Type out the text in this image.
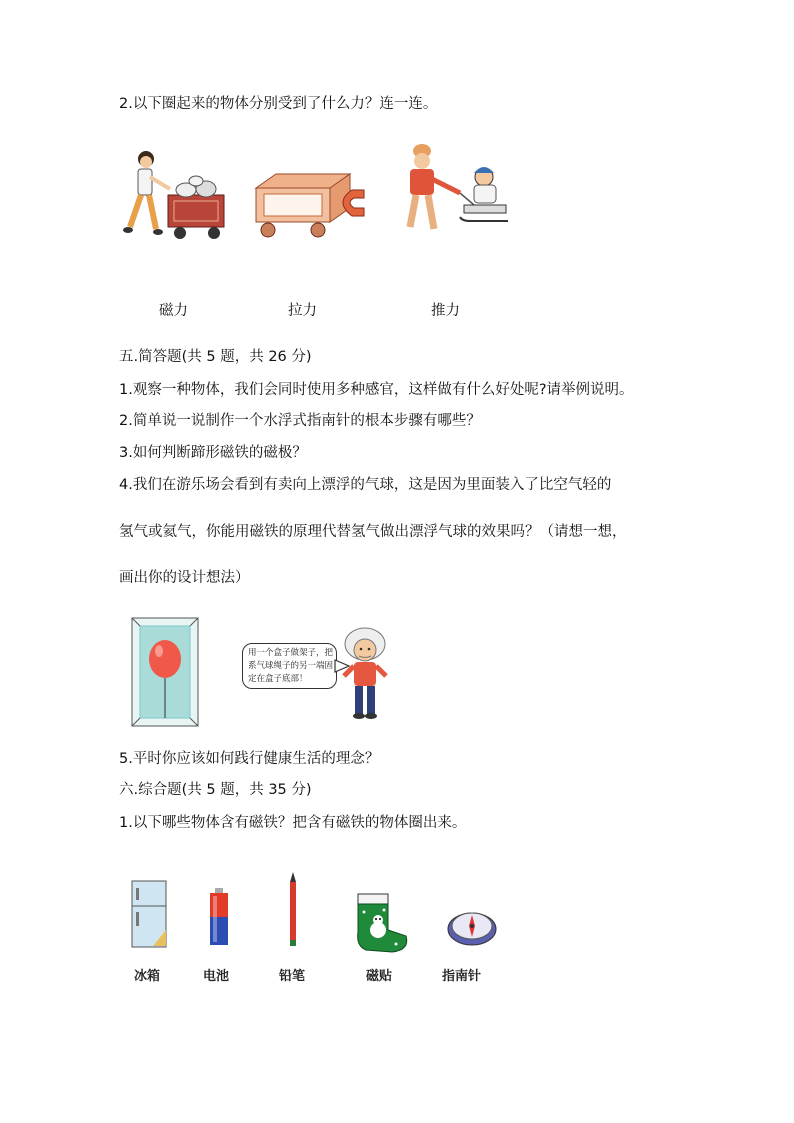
2.以下圈起来的物体分别受到了什么力？连一连。
磁力	拉力	推力
五.简答题(共 5 题，共 26 分)
1.观察一种物体，我们会同时使用多种感官，这样做有什么好处呢?请举例说明。
2.简单说一说制作一个水浮式指南针的根本步骤有哪些？
3.如何判断蹄形磁铁的磁极？
4.我们在游乐场会看到有卖向上漂浮的气球，这是因为里面装入了比空气轻的
氢气或氦气，你能用磁铁的原理代替氢气做出漂浮气球的效果吗？（请想一想，
画出你的设计想法）
用一个盒子做架子，把系气球绳子的另一端固定在盒子底部！
5.平时你应该如何践行健康生活的理念？
六.综合题(共 5 题，共 35 分)
1.以下哪些物体含有磁铁？把含有磁铁的物体圈出来。
冰箱	电池	铅笔	磁贴	指南针
